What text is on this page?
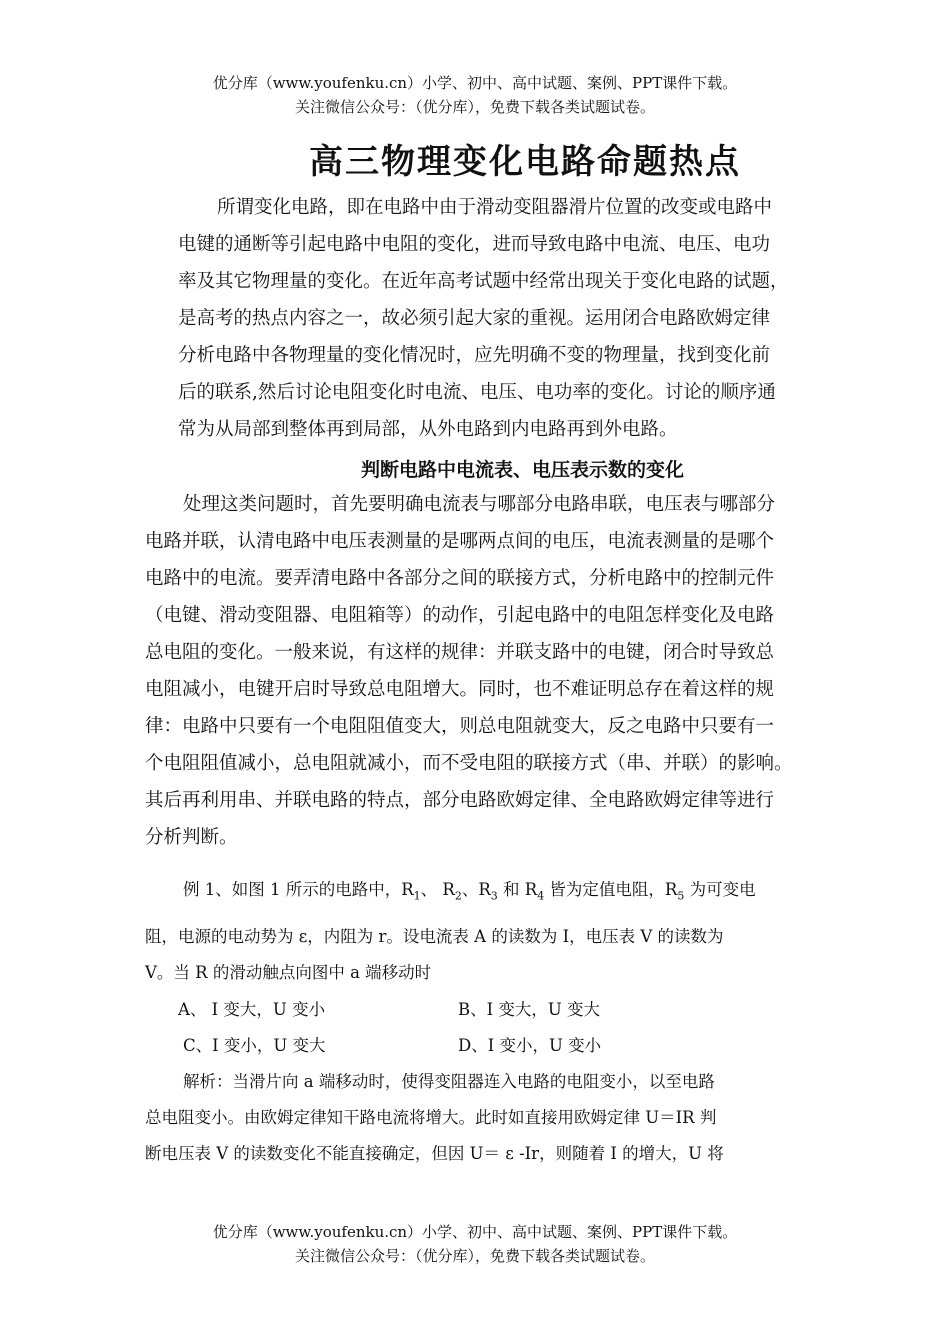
优分库（www.youfenku.cn）小学、初中、高中试题、案例、PPT课件下载。
关注微信公众号：（优分库），免费下载各类试题试卷。
高三物理变化电路命题热点
所谓变化电路，即在电路中由于滑动变阻器滑片位置的改变或电路中
电键的通断等引起电路中电阻的变化，进而导致电路中电流、电压、电功
率及其它物理量的变化。在近年高考试题中经常出现关于变化电路的试题，
是高考的热点内容之一，故必须引起大家的重视。运用闭合电路欧姆定律
分析电路中各物理量的变化情况时，应先明确不变的物理量，找到变化前
后的联系,然后讨论电阻变化时电流、电压、电功率的变化。讨论的顺序通
常为从局部到整体再到局部，从外电路到内电路再到外电路。
判断电路中电流表、电压表示数的变化
处理这类问题时，首先要明确电流表与哪部分电路串联，电压表与哪部分
电路并联，认清电路中电压表测量的是哪两点间的电压，电流表测量的是哪个
电路中的电流。要弄清电路中各部分之间的联接方式，分析电路中的控制元件
（电键、滑动变阻器、电阻箱等）的动作，引起电路中的电阻怎样变化及电路
总电阻的变化。一般来说，有这样的规律：并联支路中的电键，闭合时导致总
电阻减小，电键开启时导致总电阻增大。同时，也不难证明总存在着这样的规
律：电路中只要有一个电阻阻值变大，则总电阻就变大，反之电路中只要有一
个电阻阻值减小，总电阻就减小，而不受电阻的联接方式（串、并联）的影响。
其后再利用串、并联电路的特点，部分电路欧姆定律、全电路欧姆定律等进行
分析判断。
例 1、如图 1 所示的电路中，$R_1$、 $R_2$、$R_3$ 和 $R_4$ 皆为定值电阻，$R_5$ 为可变电
阻，电源的电动势为 ε，内阻为 r。设电流表 A 的读数为 I，电压表 V 的读数为
V。当 R 的滑动触点向图中 a 端移动时
A、 I 变大，U 变小	B、I 变大，U 变大
C、I 变小，U 变大	D、I 变小，U 变小
解析：当滑片向 a 端移动时，使得变阻器连入电路的电阻变小，以至电路
总电阻变小。由欧姆定律知干路电流将增大。此时如直接用欧姆定律 U＝IR 判
断电压表 V 的读数变化不能直接确定，但因 U＝ ε -Ir，则随着 I 的增大，U 将
优分库（www.youfenku.cn）小学、初中、高中试题、案例、PPT课件下载。
关注微信公众号：（优分库），免费下载各类试题试卷。
